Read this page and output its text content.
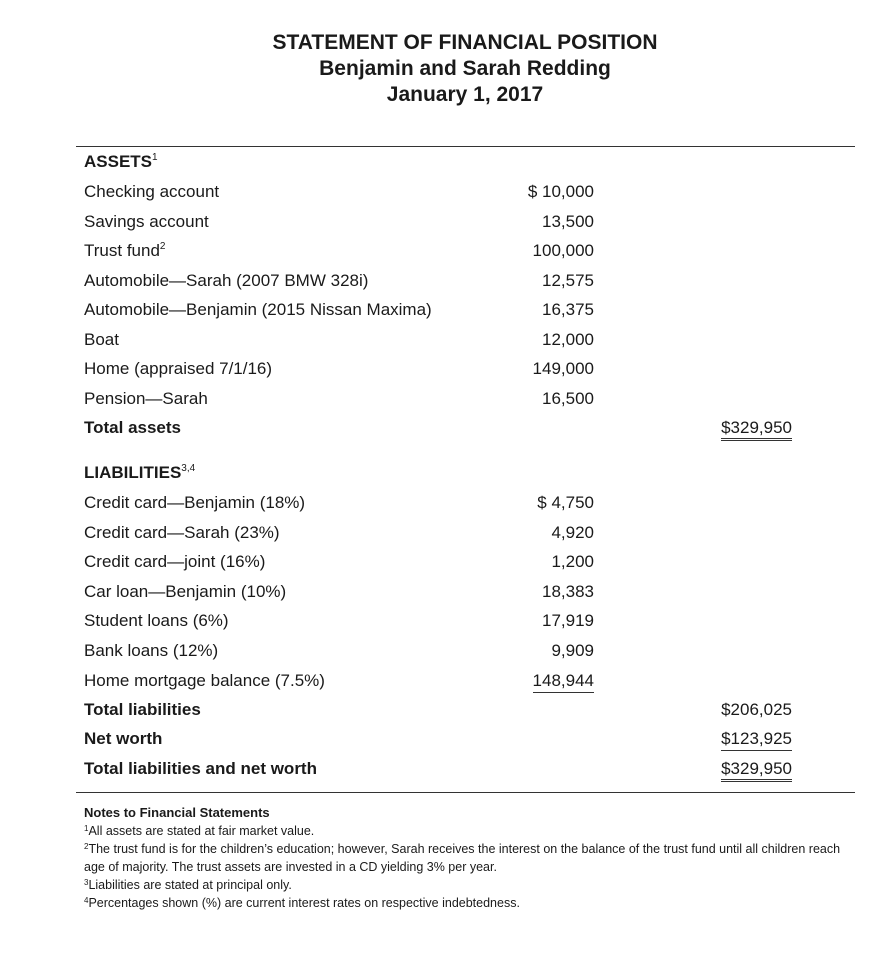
STATEMENT OF FINANCIAL POSITION
Benjamin and Sarah Redding
January 1, 2017
ASSETS$^1$
Checking account	$ 10,000
Savings account	13,500
Trust fund$^2$	100,000
Automobile—Sarah (2007 BMW 328i)	12,575
Automobile—Benjamin (2015 Nissan Maxima)	16,375
Boat	12,000
Home (appraised 7/1/16)	149,000
Pension—Sarah	16,500
Total assets	$329,950
LIABILITIES$^{3,4}$
Credit card—Benjamin (18%)	$ 4,750
Credit card—Sarah (23%)	4,920
Credit card—joint (16%)	1,200
Car loan—Benjamin (10%)	18,383
Student loans (6%)	17,919
Bank loans (12%)	9,909
Home mortgage balance (7.5%)	148,944
Total liabilities	$206,025
Net worth	$123,925
Total liabilities and net worth	$329,950
Notes to Financial Statements
$^1$All assets are stated at fair market value.
$^2$The trust fund is for the children’s education; however, Sarah receives the interest on the balance of the trust fund until all children reach age of majority. The trust assets are invested in a CD yielding 3% per year.
$^3$Liabilities are stated at principal only.
$^4$Percentages shown (%) are current interest rates on respective indebtedness.
